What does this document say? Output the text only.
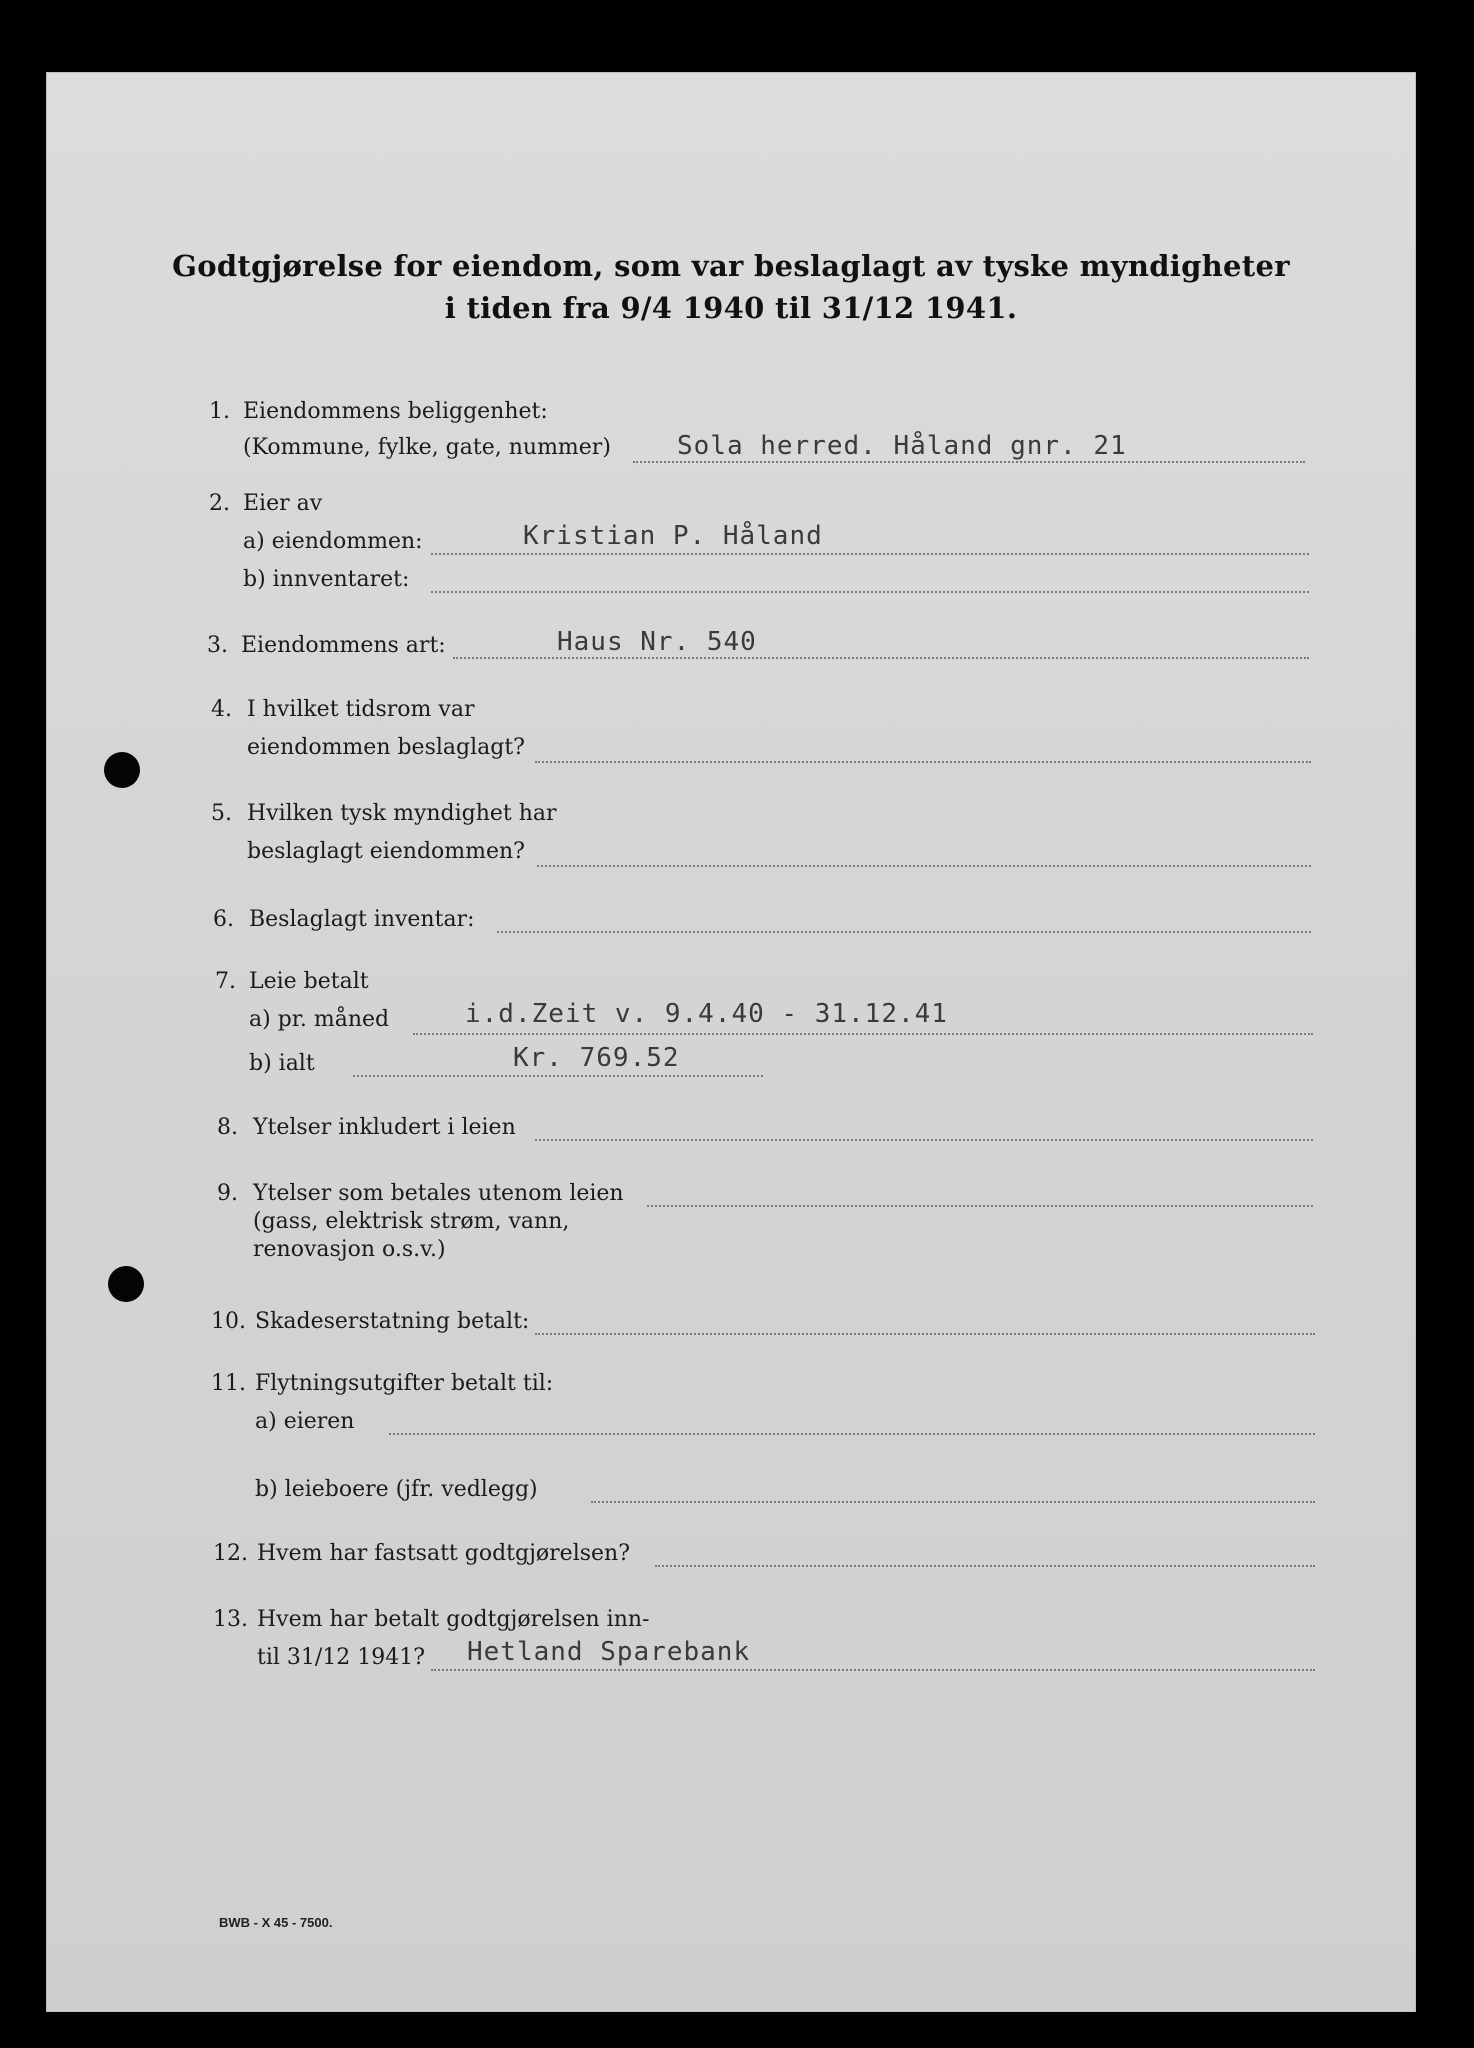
Godtgjørelse for eiendom, som var beslaglagt av tyske myndigheter
i tiden fra 9/4 1940 til 31/12 1941.
1. Eiendommens beliggenhet:
(Kommune, fylke, gate, nummer)	Sola herred. Håland gnr. 21
2. Eier av
a) eiendommen:	Kristian P. Håland
b) innventaret:
3. Eiendommens art:	Haus Nr. 540
4. I hvilket tidsrom var
eiendommen beslaglagt?
5. Hvilken tysk myndighet har
beslaglagt eiendommen?
6. Beslaglagt inventar:
7. Leie betalt
a) pr. måned	i.d.Zeit v. 9.4.40 - 31.12.41
b) ialt	Kr. 769.52
8. Ytelser inkludert i leien
9. Ytelser som betales utenom leien
(gass, elektrisk strøm, vann,
renovasjon o.s.v.)
10. Skadeserstatning betalt:
11. Flytningsutgifter betalt til:
a) eieren
b) leieboere (jfr. vedlegg)
12. Hvem har fastsatt godtgjørelsen?
13. Hvem har betalt godtgjørelsen inn-
til 31/12 1941? Hetland Sparebank
BWB - X 45 - 7500.
